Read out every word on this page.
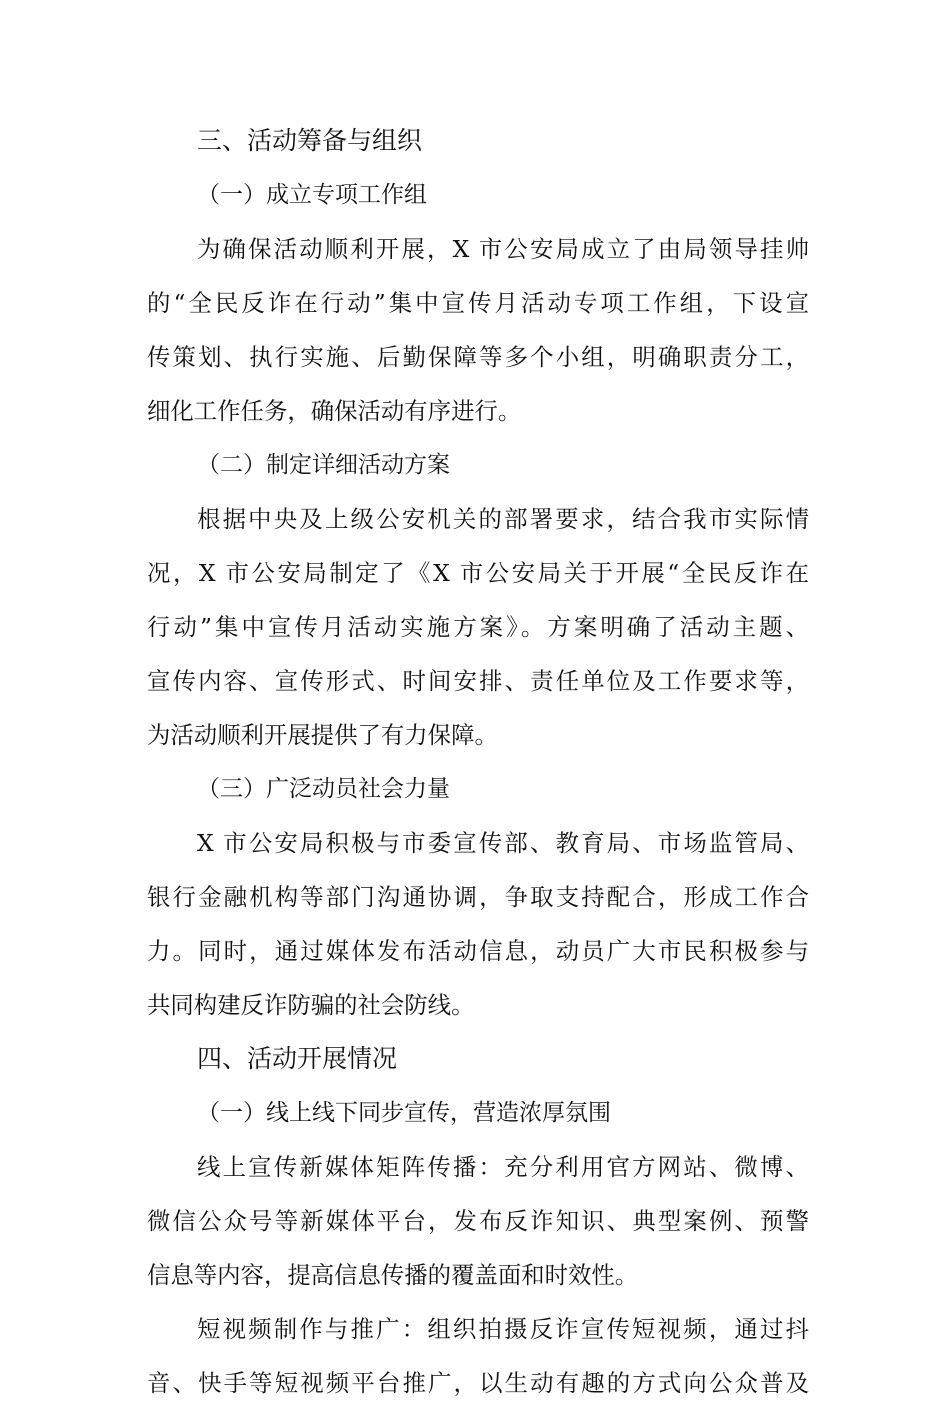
三、活动筹备与组织
（一）成立专项工作组

为确保活动顺利开展，X 市公安局成立了由局领导挂帅
的“全民反诈在行动”集中宣传月活动专项工作组，下设宣
传策划、执行实施、后勤保障等多个小组，明确职责分工，
细化工作任务，确保活动有序进行。

（二）制定详细活动方案

根据中央及上级公安机关的部署要求，结合我市实际情
况，X 市公安局制定了《X 市公安局关于开展“全民反诈在
行动”集中宣传月活动实施方案》。方案明确了活动主题、
宣传内容、宣传形式、时间安排、责任单位及工作要求等，
为活动顺利开展提供了有力保障。

（三）广泛动员社会力量

X 市公安局积极与市委宣传部、教育局、市场监管局、
银行金融机构等部门沟通协调，争取支持配合，形成工作合
力。同时，通过媒体发布活动信息，动员广大市民积极参与
共同构建反诈防骗的社会防线。

四、活动开展情况
（一）线上线下同步宣传，营造浓厚氛围

线上宣传新媒体矩阵传播：充分利用官方网站、微博、
微信公众号等新媒体平台，发布反诈知识、典型案例、预警
信息等内容，提高信息传播的覆盖面和时效性。

短视频制作与推广：组织拍摄反诈宣传短视频，通过抖
音、快手等短视频平台推广，以生动有趣的方式向公众普及
